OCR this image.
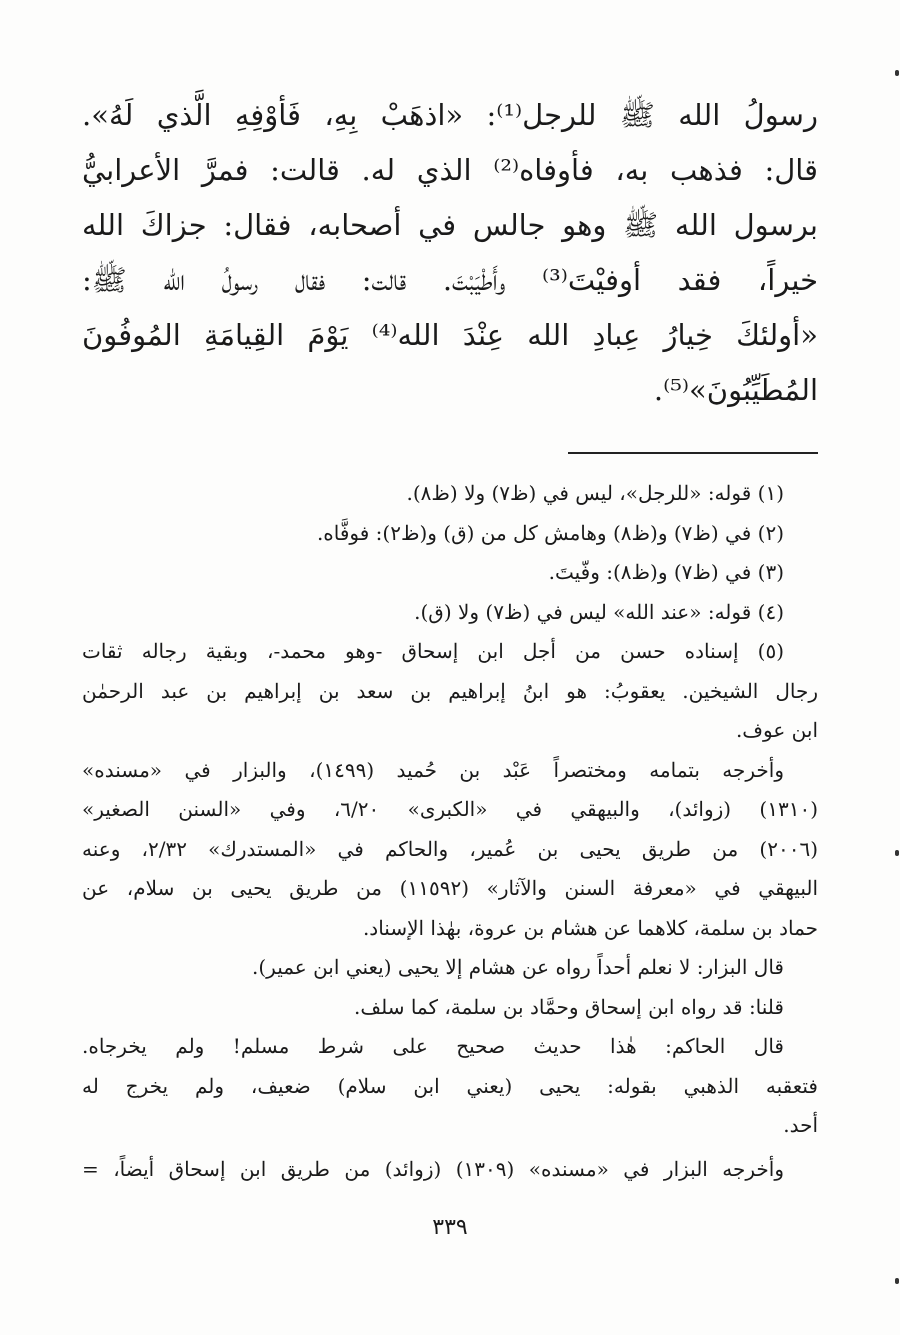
رسولُ الله ﷺ للرجل⁽¹⁾: «اذهَبْ بِهِ، فَأوْفِهِ الَّذي لَهُ».
قال: فذهب به، فأوفاه⁽²⁾ الذي له. قالت: فمرَّ الأعرابيُّ
برسول الله ﷺ وهو جالس في أصحابه، فقال: جزاكَ الله
خيراً، فقد أوفيْتَ⁽³⁾ وأَطْيَبْتَ. قالت: فقال رسولُ الله ﷺ:
«أولئكَ خِيارُ عِبادِ الله عِنْدَ الله⁽⁴⁾ يَوْمَ القِيامَةِ المُوفُونَ
المُطَيِّبُونَ»⁽⁵⁾.
(١) قوله: «للرجل»، ليس في (ظ٧) ولا (ظ٨).
(٢) في (ظ٧) و(ظ٨) وهامش كل من (ق) و(ظ٢): فوفَّاه.
(٣) في (ظ٧) و(ظ٨): وفّيتَ.
(٤) قوله: «عند الله» ليس في (ظ٧) ولا (ق).
(٥) إسناده حسن من أجل ابن إسحاق -وهو محمد-، وبقية رجاله ثقات
رجال الشيخين. يعقوبُ: هو ابنُ إبراهيم بن سعد بن إبراهيم بن عبد الرحمٰن
ابن عوف.
وأخرجه بتمامه ومختصراً عَبْد بن حُميد (١٤٩٩)، والبزار في «مسنده»
(١٣١٠) (زوائد)، والبيهقي في «الكبرى» ٦/٢٠، وفي «السنن الصغير»
(٢٠٠٦) من طريق يحيى بن عُمير، والحاكم في «المستدرك» ٢/٣٢، وعنه
البيهقي في «معرفة السنن والآثار» (١١٥٩٢) من طريق يحيى بن سلام، عن
حماد بن سلمة، كلاهما عن هشام بن عروة، بهٰذا الإسناد.
قال البزار: لا نعلم أحداً رواه عن هشام إلا يحيى (يعني ابن عمير).
قلنا: قد رواه ابن إسحاق وحمَّاد بن سلمة، كما سلف.
قال الحاكم: هٰذا حديث صحيح على شرط مسلم! ولم يخرجاه.
فتعقبه الذهبي بقوله: يحيى (يعني ابن سلام) ضعيف، ولم يخرج له
أحد.
وأخرجه البزار في «مسنده» (١٣٠٩) (زوائد) من طريق ابن إسحاق أيضاً، =
٣٣٩
